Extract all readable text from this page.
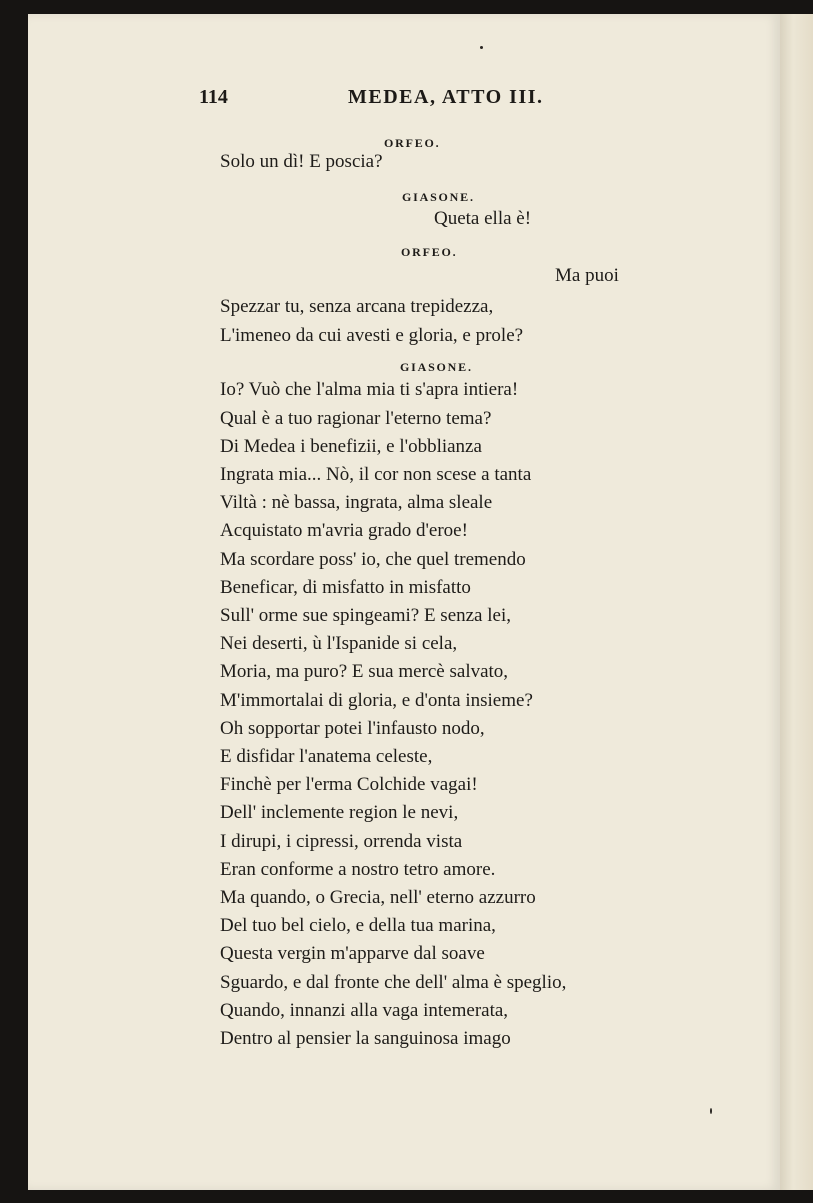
114	MEDEA, ATTO III.
ORFEO.
Solo un dì! E poscia?
GIASONE.
Queta ella è!
ORFEO.
Ma puoi
Spezzar tu, senza arcana trepidezza,
L'imeneo da cui avesti e gloria, e prole?
GIASONE.
Io? Vuò che l'alma mia ti s'apra intiera!
Qual è a tuo ragionar l'eterno tema?
Di Medea i benefizii, e l'obblianza
Ingrata mia... Nò, il cor non scese a tanta
Viltà : nè bassa, ingrata, alma sleale
Acquistato m'avria grado d'eroe!
Ma scordare poss' io, che quel tremendo
Beneficar, di misfatto in misfatto
Sull' orme sue spingeami? E senza lei,
Nei deserti, ù l'Ispanide si cela,
Moria, ma puro? E sua mercè salvato,
M'immortalai di gloria, e d'onta insieme?
Oh sopportar potei l'infausto nodo,
E disfidar l'anatema celeste,
Finchè per l'erma Colchide vagai!
Dell' inclemente region le nevi,
I dirupi, i cipressi, orrenda vista
Eran conforme a nostro tetro amore.
Ma quando, o Grecia, nell' eterno azzurro
Del tuo bel cielo, e della tua marina,
Questa vergin m'apparve dal soave
Sguardo, e dal fronte che dell' alma è speglio,
Quando, innanzi alla vaga intemerata,
Dentro al pensier la sanguinosa imago
